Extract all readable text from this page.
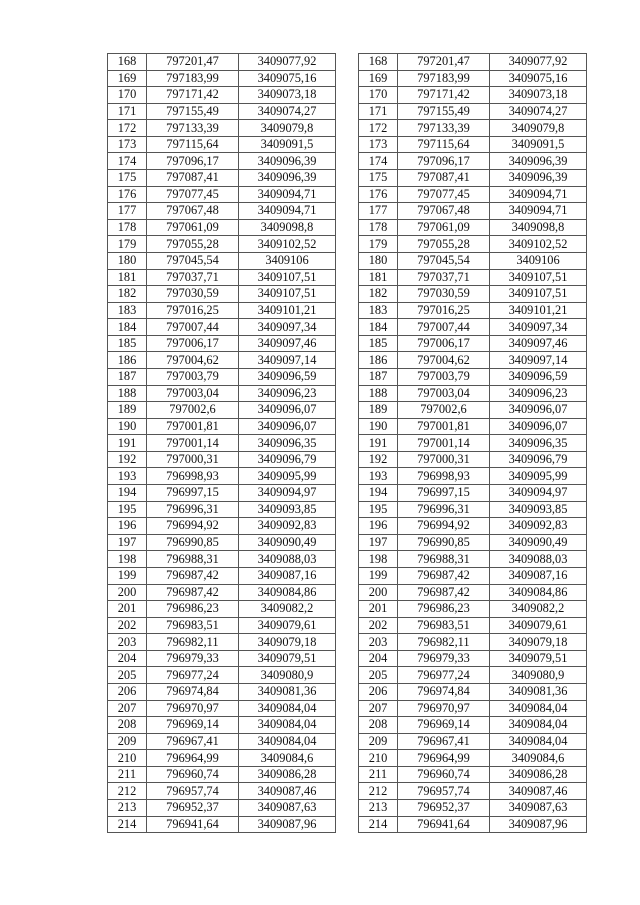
168	797201,47	3409077,92
169	797183,99	3409075,16
170	797171,42	3409073,18
171	797155,49	3409074,27
172	797133,39	3409079,8
173	797115,64	3409091,5
174	797096,17	3409096,39
175	797087,41	3409096,39
176	797077,45	3409094,71
177	797067,48	3409094,71
178	797061,09	3409098,8
179	797055,28	3409102,52
180	797045,54	3409106
181	797037,71	3409107,51
182	797030,59	3409107,51
183	797016,25	3409101,21
184	797007,44	3409097,34
185	797006,17	3409097,46
186	797004,62	3409097,14
187	797003,79	3409096,59
188	797003,04	3409096,23
189	797002,6	3409096,07
190	797001,81	3409096,07
191	797001,14	3409096,35
192	797000,31	3409096,79
193	796998,93	3409095,99
194	796997,15	3409094,97
195	796996,31	3409093,85
196	796994,92	3409092,83
197	796990,85	3409090,49
198	796988,31	3409088,03
199	796987,42	3409087,16
200	796987,42	3409084,86
201	796986,23	3409082,2
202	796983,51	3409079,61
203	796982,11	3409079,18
204	796979,33	3409079,51
205	796977,24	3409080,9
206	796974,84	3409081,36
207	796970,97	3409084,04
208	796969,14	3409084,04
209	796967,41	3409084,04
210	796964,99	3409084,6
211	796960,74	3409086,28
212	796957,74	3409087,46
213	796952,37	3409087,63
214	796941,64	3409087,96
168	797201,47	3409077,92
169	797183,99	3409075,16
170	797171,42	3409073,18
171	797155,49	3409074,27
172	797133,39	3409079,8
173	797115,64	3409091,5
174	797096,17	3409096,39
175	797087,41	3409096,39
176	797077,45	3409094,71
177	797067,48	3409094,71
178	797061,09	3409098,8
179	797055,28	3409102,52
180	797045,54	3409106
181	797037,71	3409107,51
182	797030,59	3409107,51
183	797016,25	3409101,21
184	797007,44	3409097,34
185	797006,17	3409097,46
186	797004,62	3409097,14
187	797003,79	3409096,59
188	797003,04	3409096,23
189	797002,6	3409096,07
190	797001,81	3409096,07
191	797001,14	3409096,35
192	797000,31	3409096,79
193	796998,93	3409095,99
194	796997,15	3409094,97
195	796996,31	3409093,85
196	796994,92	3409092,83
197	796990,85	3409090,49
198	796988,31	3409088,03
199	796987,42	3409087,16
200	796987,42	3409084,86
201	796986,23	3409082,2
202	796983,51	3409079,61
203	796982,11	3409079,18
204	796979,33	3409079,51
205	796977,24	3409080,9
206	796974,84	3409081,36
207	796970,97	3409084,04
208	796969,14	3409084,04
209	796967,41	3409084,04
210	796964,99	3409084,6
211	796960,74	3409086,28
212	796957,74	3409087,46
213	796952,37	3409087,63
214	796941,64	3409087,96
